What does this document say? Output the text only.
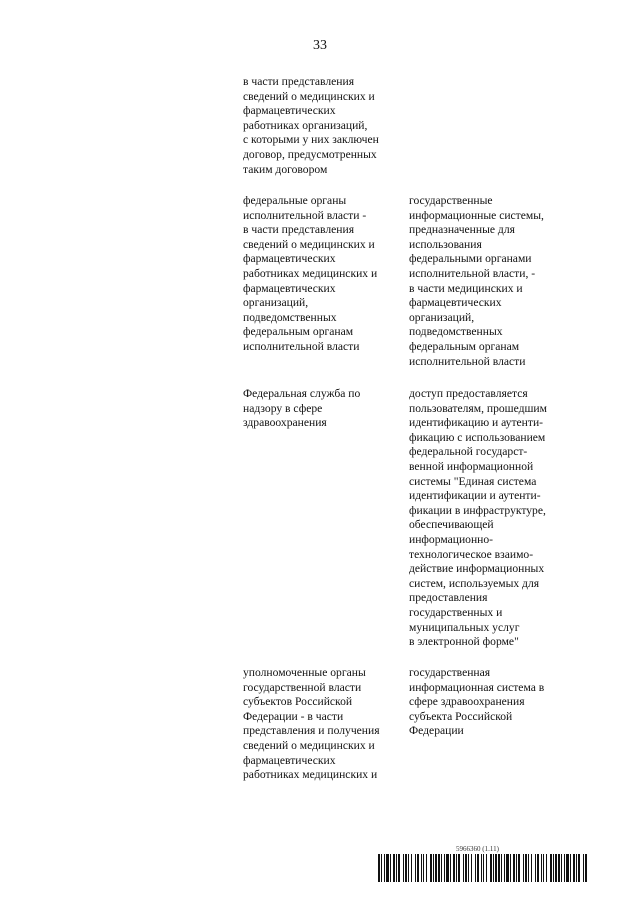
33
в части представления
сведений о медицинских и
фармацевтических
работниках организаций,
с которыми у них заключен
договор, предусмотренных
таким договором
федеральные органы
исполнительной власти -
в части представления
сведений о медицинских и
фармацевтических
работниках медицинских и
фармацевтических
организаций,
подведомственных
федеральным органам
исполнительной власти
государственные
информационные системы,
предназначенные для
использования
федеральными органами
исполнительной власти, -
в части медицинских и
фармацевтических
организаций,
подведомственных
федеральным органам
исполнительной власти
Федеральная служба по
надзору в сфере
здравоохранения
доступ предоставляется
пользователям, прошедшим
идентификацию и аутенти-
фикацию с использованием
федеральной государст-
венной информационной
системы "Единая система
идентификации и аутенти-
фикации в инфраструктуре,
обеспечивающей
информационно-
технологическое взаимо-
действие информационных
систем, используемых для
предоставления
государственных и
муниципальных услуг
в электронной форме"
уполномоченные органы
государственной власти
субъектов Российской
Федерации - в части
представления и получения
сведений о медицинских и
фармацевтических
работниках медицинских и
государственная
информационная система в
сфере здравоохранения
субъекта Российской
Федерации
5966360 (1.11)
